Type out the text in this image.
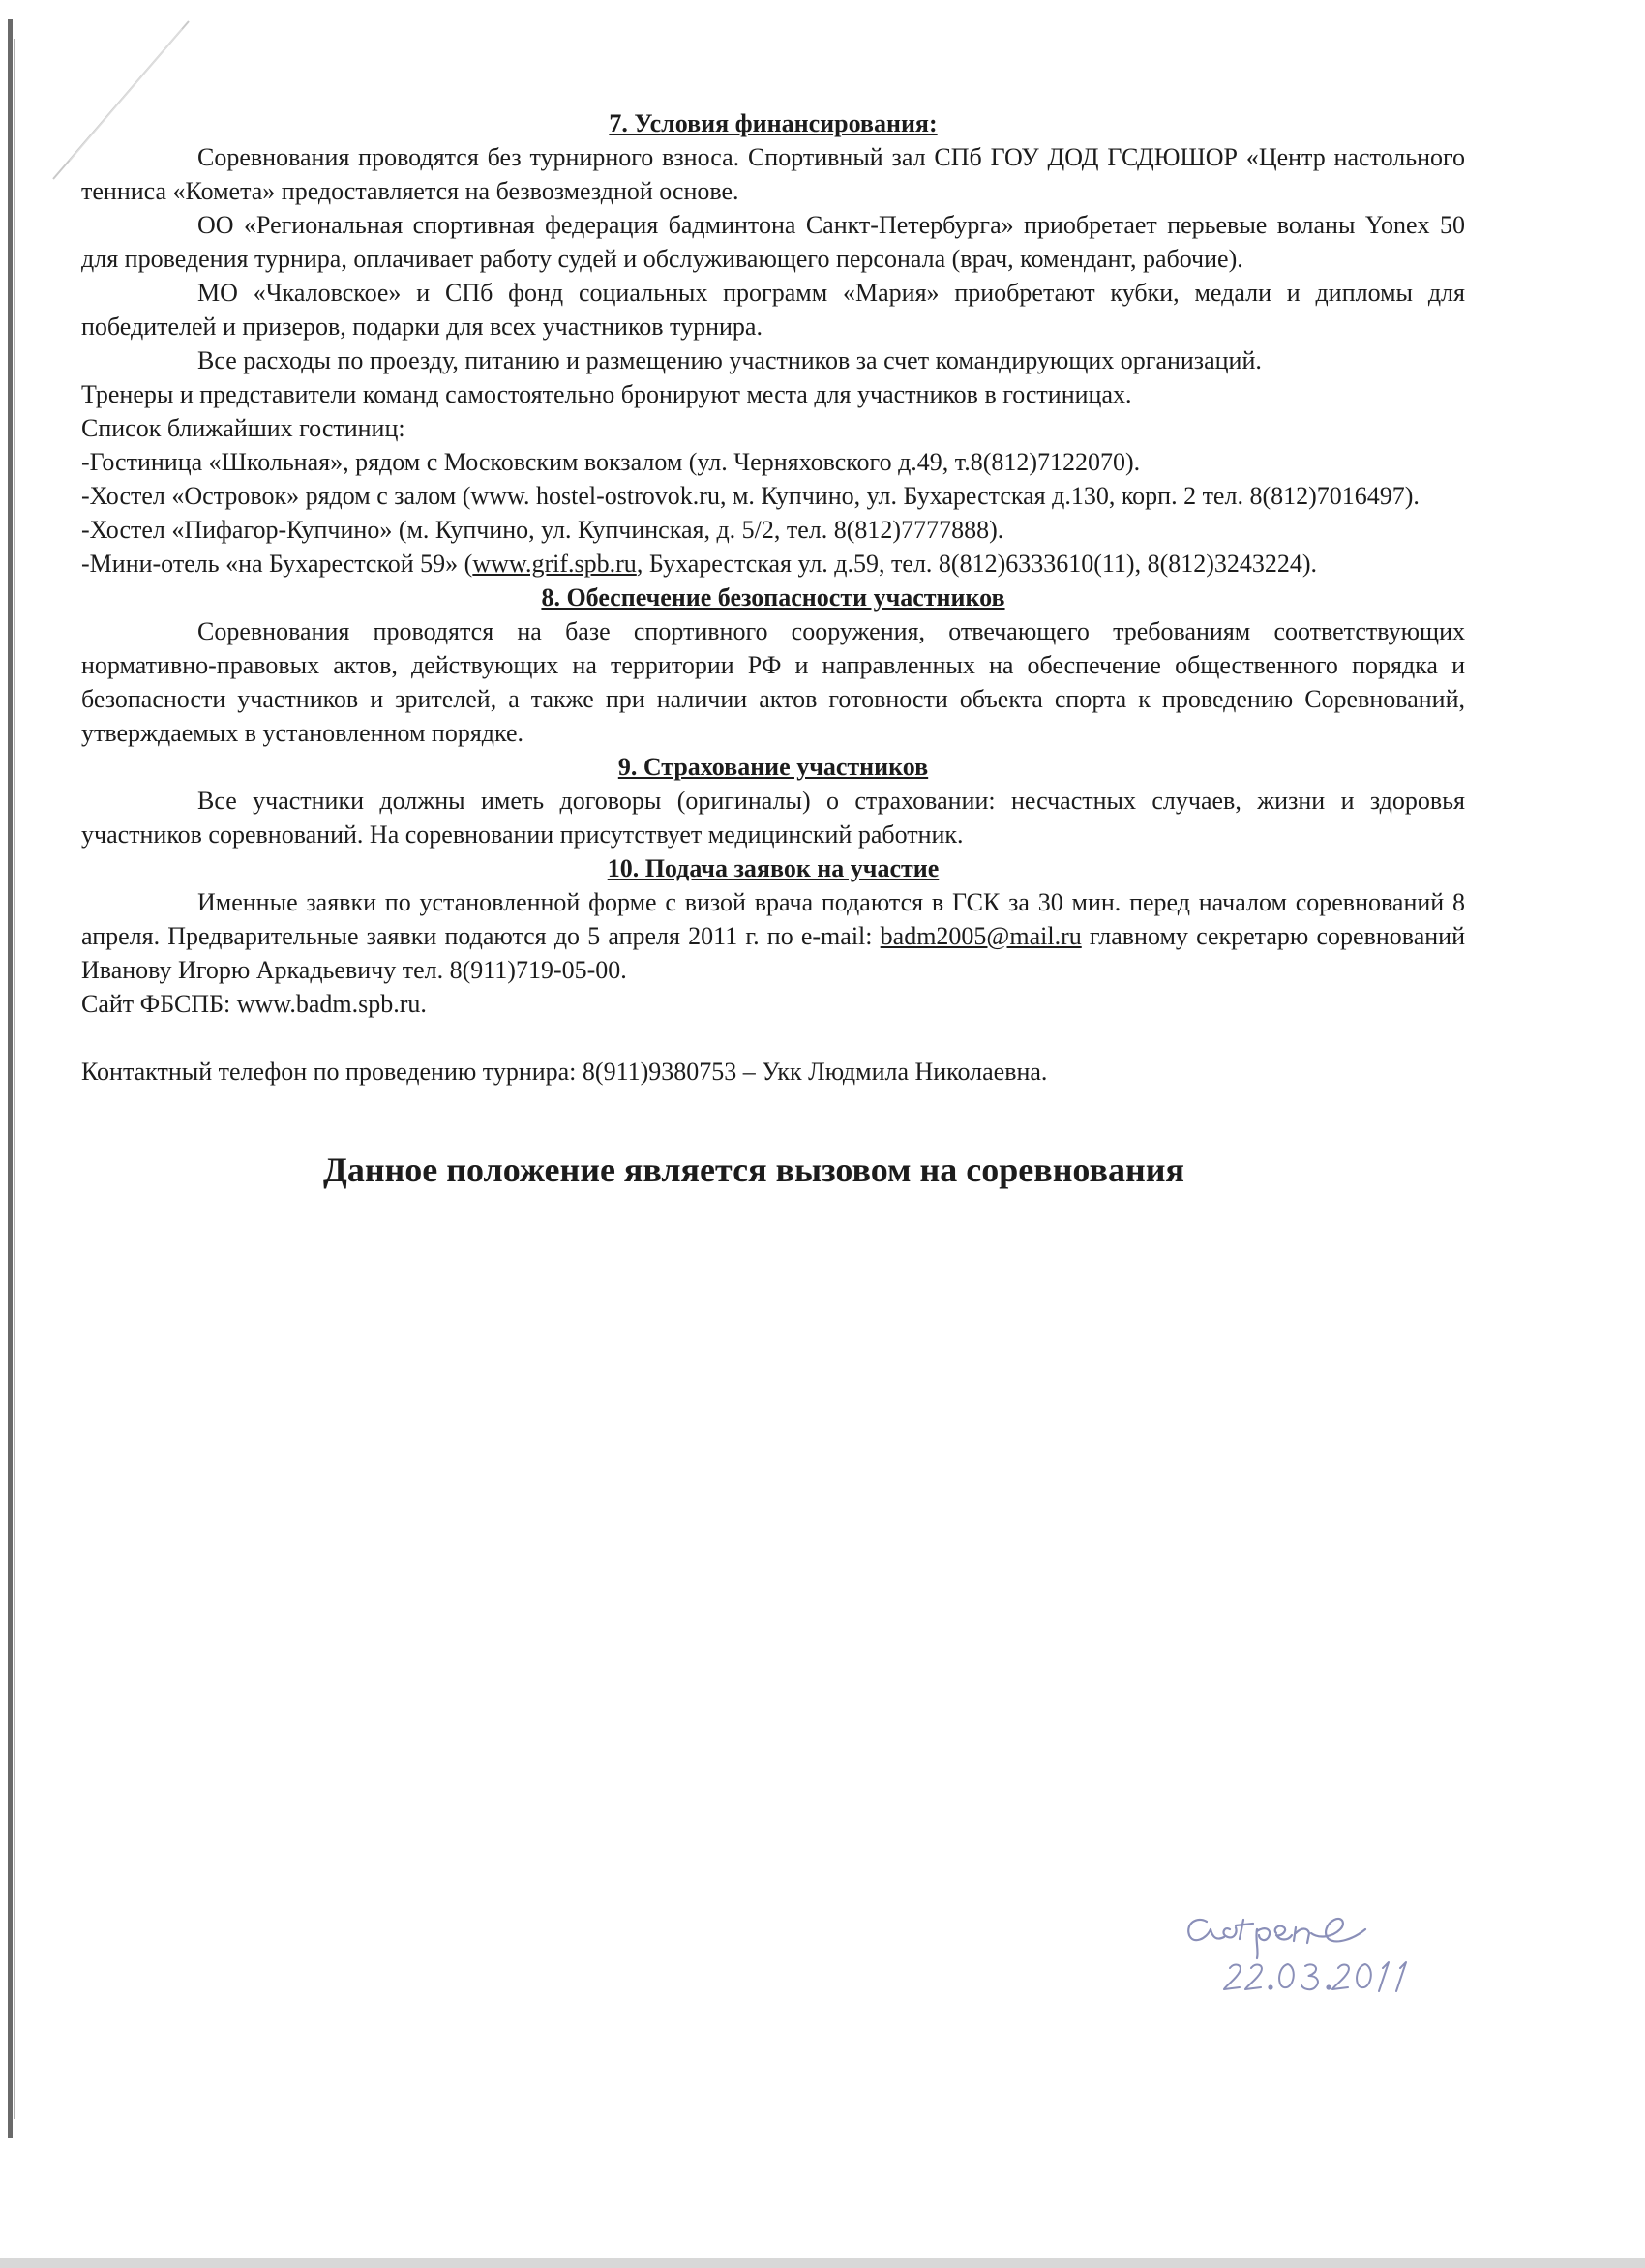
7. Условия финансирования:

Соревнования проводятся без турнирного взноса. Спортивный зал СПб ГОУ ДОД ГСДЮШОР «Центр настольного тенниса «Комета» предоставляется на безвозмездной основе.

ОО «Региональная спортивная федерация бадминтона Санкт-Петербурга» приобретает перьевые воланы Yonex 50 для проведения турнира, оплачивает работу судей и обслуживающего персонала (врач, комендант, рабочие).

МО «Чкаловское» и СПб фонд социальных программ «Мария» приобретают кубки, медали и дипломы для победителей и призеров, подарки для всех участников турнира.

Все расходы по проезду, питанию и размещению участников за счет командирующих организаций.

Тренеры и представители команд самостоятельно бронируют места для участников в гостиницах.

Список ближайших гостиниц:

-Гостиница «Школьная», рядом с Московским вокзалом (ул. Черняховского д.49, т.8(812)7122070).

-Хостел «Островок» рядом с залом (www. hostel-ostrovok.ru, м. Купчино, ул. Бухарестская д.130, корп. 2 тел. 8(812)7016497).

-Хостел «Пифагор-Купчино» (м. Купчино, ул. Купчинская, д. 5/2, тел. 8(812)7777888).

-Мини-отель «на Бухарестской 59» (www.grif.spb.ru, Бухарестская ул. д.59, тел. 8(812)6333610(11), 8(812)3243224).

8. Обеспечение безопасности участников

Соревнования проводятся на базе спортивного сооружения, отвечающего требованиям соответствующих нормативно-правовых актов, действующих на территории РФ и направленных на обеспечение общественного порядка и безопасности участников и зрителей, а также при наличии актов готовности объекта спорта к проведению Соревнований, утверждаемых в установленном порядке.

9. Страхование участников

Все участники должны иметь договоры (оригиналы) о страховании: несчастных случаев, жизни и здоровья участников соревнований. На соревновании присутствует медицинский работник.

10. Подача заявок на участие

Именные заявки по установленной форме с визой врача подаются в ГСК за 30 мин. перед началом соревнований 8 апреля. Предварительные заявки подаются до 5 апреля 2011 г. по e-mail: badm2005@mail.ru главному секретарю соревнований Иванову Игорю Аркадьевичу тел. 8(911)719-05-00.

Сайт ФБСПБ: www.badm.spb.ru.

Контактный телефон по проведению турнира: 8(911)9380753 – Укк Людмила Николаевна.

Данное положение является вызовом на соревнования
